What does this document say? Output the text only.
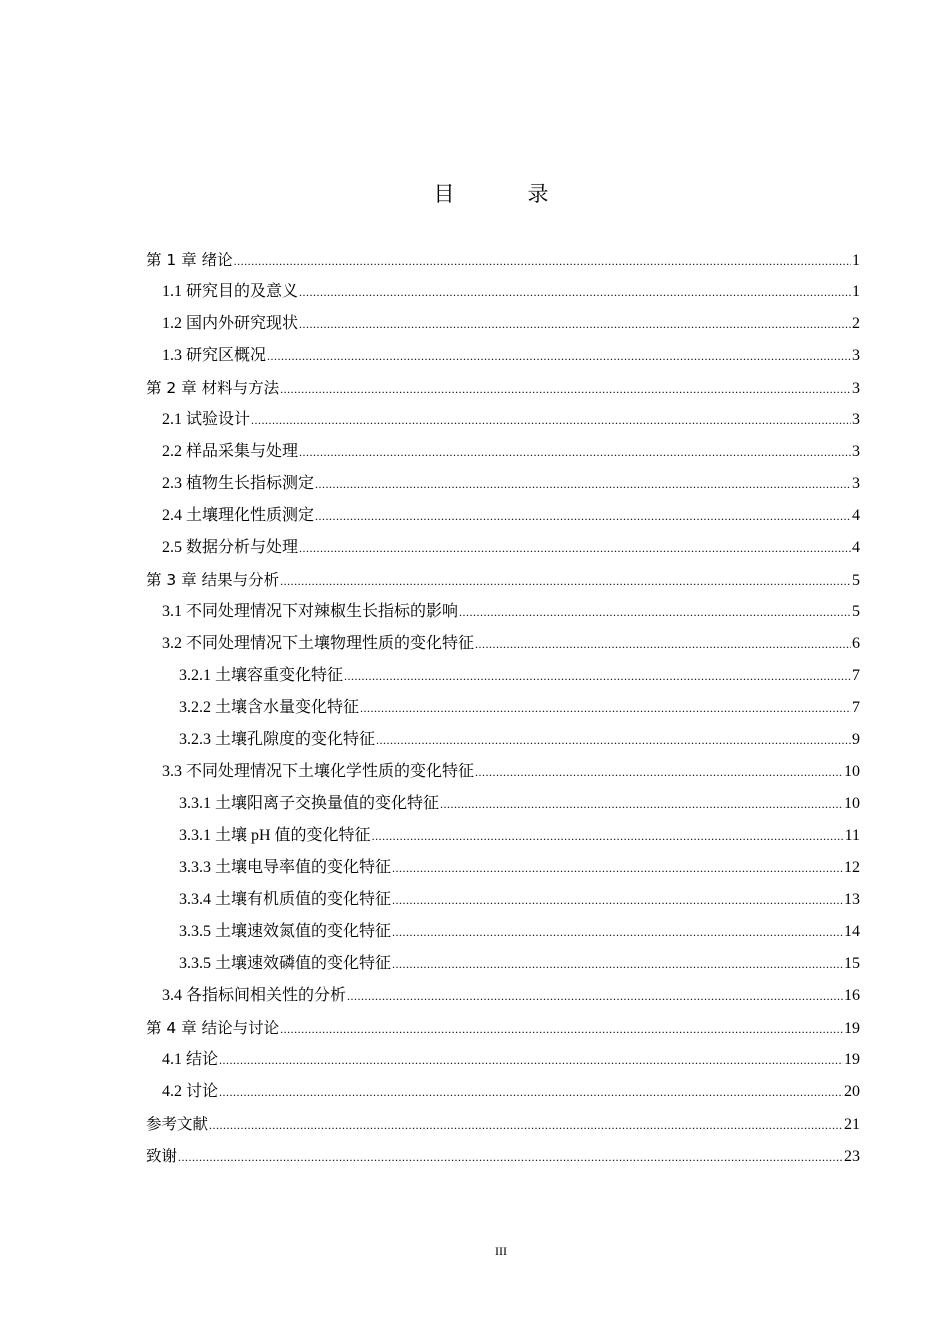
目　录
第 1 章 绪论 .....	1
1.1 研究目的及意义 .....	1
1.2 国内外研究现状 .....	2
1.3 研究区概况 .....	3
第 2 章 材料与方法 .....	3
2.1 试验设计 .....	3
2.2 样品采集与处理 .....	3
2.3 植物生长指标测定 .....	3
2.4 土壤理化性质测定 .....	4
2.5 数据分析与处理 .....	4
第 3 章 结果与分析 .....	5
3.1 不同处理情况下对辣椒生长指标的影响 .....	5
3.2 不同处理情况下土壤物理性质的变化特征 .....	6
3.2.1 土壤容重变化特征 .....	7
3.2.2 土壤含水量变化特征 .....	7
3.2.3 土壤孔隙度的变化特征 .....	9
3.3 不同处理情况下土壤化学性质的变化特征 .....	10
3.3.1 土壤阳离子交换量值的变化特征 .....	10
3.3.1 土壤 pH 值的变化特征 .....	11
3.3.3 土壤电导率值的变化特征 .....	12
3.3.4 土壤有机质值的变化特征 .....	13
3.3.5 土壤速效氮值的变化特征 .....	14
3.3.5 土壤速效磷值的变化特征 .....	15
3.4 各指标间相关性的分析 .....	16
第 4 章 结论与讨论 .....	19
4.1 结论 .....	19
4.2 讨论 .....	20
参考文献 .....	21
致谢 .....	23
III
